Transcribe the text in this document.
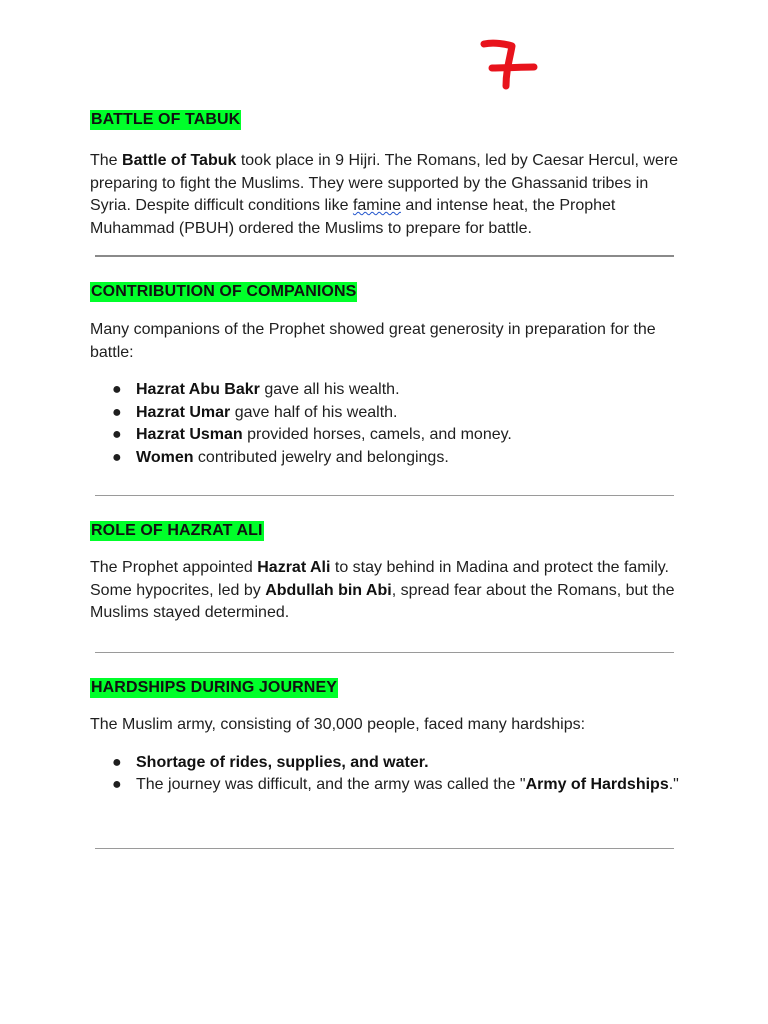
BATTLE OF TABUK

The Battle of Tabuk took place in 9 Hijri. The Romans, led by Caesar Hercul, were preparing to fight the Muslims. They were supported by the Ghassanid tribes in Syria. Despite difficult conditions like famine and intense heat, the Prophet Muhammad (PBUH) ordered the Muslims to prepare for battle.

CONTRIBUTION OF COMPANIONS

Many companions of the Prophet showed great generosity in preparation for the battle:

● Hazrat Abu Bakr gave all his wealth.
● Hazrat Umar gave half of his wealth.
● Hazrat Usman provided horses, camels, and money.
● Women contributed jewelry and belongings.
ROLE OF HAZRAT ALI

The Prophet appointed Hazrat Ali to stay behind in Madina and protect the family. Some hypocrites, led by Abdullah bin Abi, spread fear about the Romans, but the Muslims stayed determined.

HARDSHIPS DURING JOURNEY

The Muslim army, consisting of 30,000 people, faced many hardships:

● Shortage of rides, supplies, and water.
● The journey was difficult, and the army was called the "Army of Hardships."
